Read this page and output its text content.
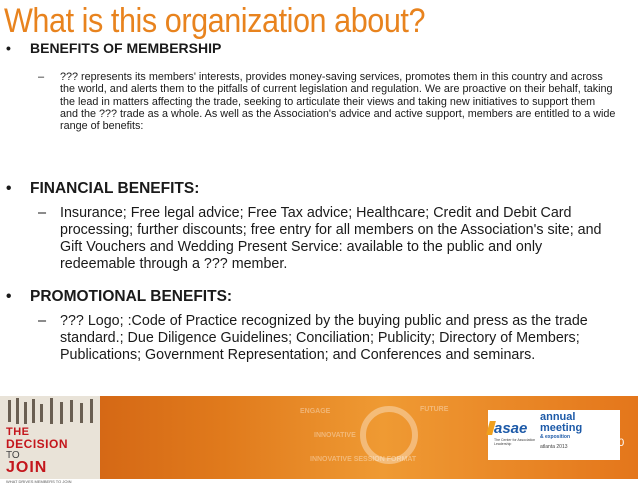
What is this organization about?
• BENEFITS OF MEMBERSHIP
– ??? represents its members' interests, provides money-saving services, promotes them in this country and across the world, and alerts them to the pitfalls of current legislation and regulation. We are proactive on their behalf, taking the lead in matters affecting the trade, seeking to articulate their views and taking new initiatives to support them and the ??? trade as a whole. As well as the Association's advice and active support, members are entitled to a wide range of benefits:
• FINANCIAL BENEFITS:
– Insurance; Free legal advice; Free Tax advice; Healthcare; Credit and Debit Card processing; further discounts; free entry for all members on the Association's site; and Gift Vouchers and Wedding Present Service: available to the public and only redeemable through a ??? member.
• PROMOTIONAL BENEFITS:
– ??? Logo; :Code of Practice recognized by the buying public and press as the trade standard.; Due Diligence Guidelines; Conciliation; Publicity; Directory of Members; Publications; Government Representation; and Conferences and seminars.
THE
DECISION
TO
JOIN
WHAT DRIVES MEMBERS TO JOIN
ENGAGE
INNOVATIVE
FUTURE
INNOVATIVE SESSION FORMAT
asae
The Center for Association Leadership
annual
meeting
& exposition
atlanta 2013	10
